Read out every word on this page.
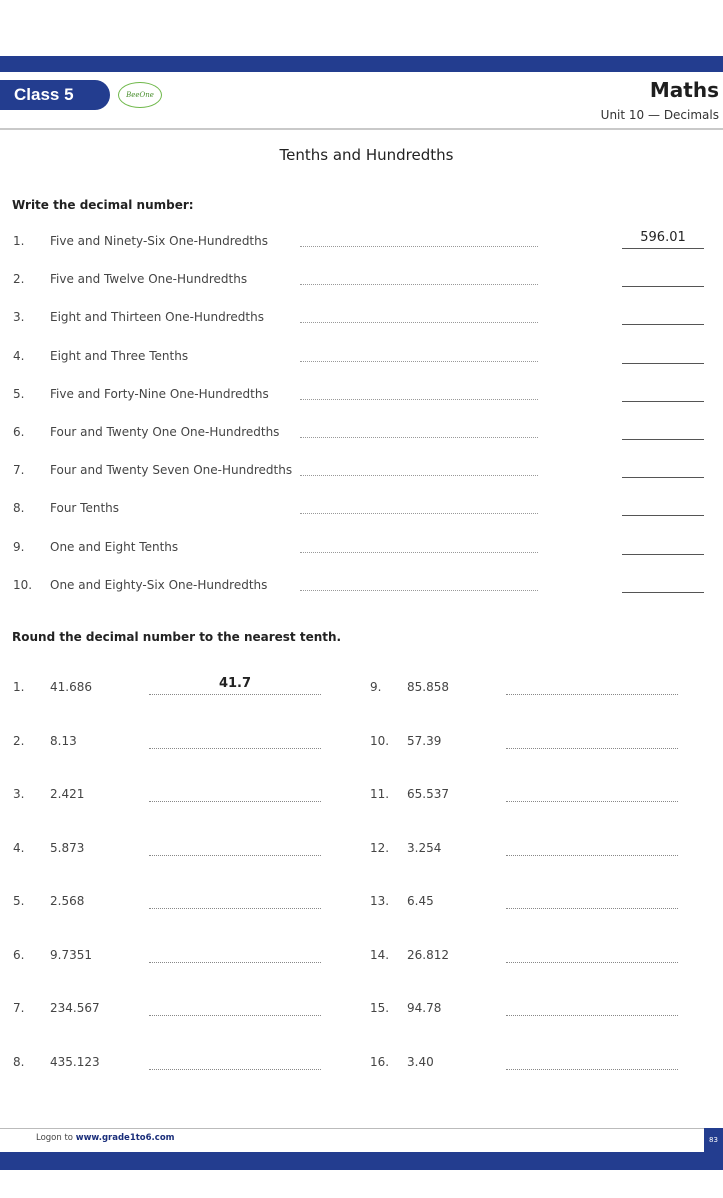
Class 5	BeeOne	Maths
Unit 10 — Decimals
Tenths and Hundredths
Write the decimal number:
1. Five and Ninety-Six One-Hundredths	596.01
2. Five and Twelve One-Hundredths
3. Eight and Thirteen One-Hundredths
4. Eight and Three Tenths
5. Five and Forty-Nine One-Hundredths
6. Four and Twenty One One-Hundredths
7. Four and Twenty Seven One-Hundredths
8. Four Tenths
9. One and Eight Tenths
10. One and Eighty-Six One-Hundredths
Round the decimal number to the nearest tenth.
1. 41.686	41.7
2. 8.13
3. 2.421
4. 5.873
5. 2.568
6. 9.7351
7. 234.567
8. 435.123
9. 85.858
10. 57.39
11. 65.537
12. 3.254
13. 6.45
14. 26.812
15. 94.78
16. 3.40
Logon to www.grade1to6.com	83
